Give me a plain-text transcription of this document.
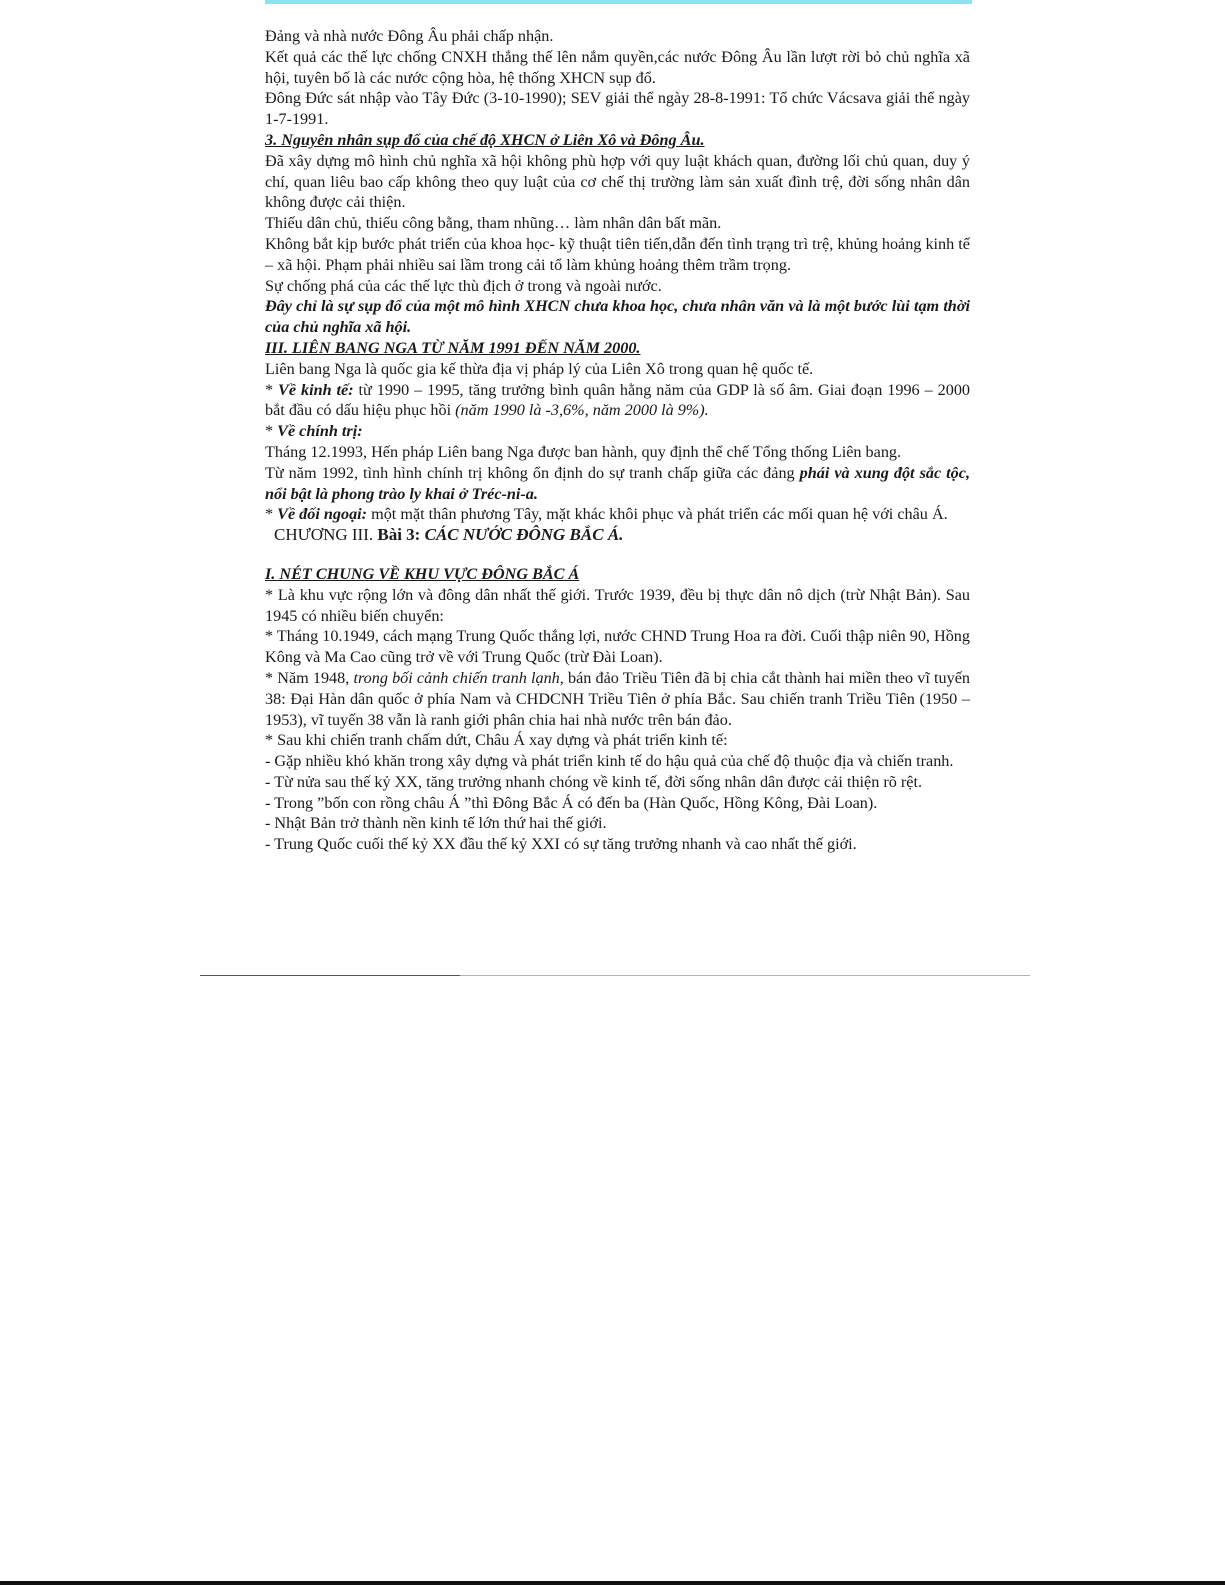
Đảng và nhà nước Đông Âu phải chấp nhận.

Kết quả các thế lực chống CNXH thắng thế lên nắm quyền,các nước Đông Âu lần lượt rời bỏ chủ nghĩa xã hội, tuyên bố là các nước cộng hòa, hệ thống XHCN sụp đổ.

Đông Đức sát nhập vào Tây Đức (3-10-1990); SEV giải thể ngày 28-8-1991: Tổ chức Vácsava giải thể ngày 1-7-1991.

3. Nguyên nhân sụp đổ của chế độ XHCN ở Liên Xô và Đông Âu.

Đã xây dựng mô hình chủ nghĩa xã hội không phù hợp với quy luật khách quan, đường lối chủ quan, duy ý chí, quan liêu bao cấp không theo quy luật của cơ chế thị trường làm sản xuất đình trệ, đời sống nhân dân không được cải thiện.

Thiếu dân chủ, thiếu công bằng, tham nhũng… làm nhân dân bất mãn.

Không bắt kịp bước phát triển của khoa học- kỹ thuật tiên tiến,dẫn đến tình trạng trì trệ, khủng hoảng kinh tế – xã hội. Phạm phải nhiều sai lầm trong cải tổ làm khủng hoảng thêm trầm trọng.

Sự chống phá của các thế lực thù địch ở trong và ngoài nước.

Đây chỉ là sự sụp đổ của một mô hình XHCN chưa khoa học, chưa nhân văn và là một bước lùi tạm thời của chủ nghĩa xã hội.

III. LIÊN BANG NGA TỪ NĂM 1991 ĐẾN NĂM 2000.

Liên bang Nga là quốc gia kế thừa địa vị pháp lý của Liên Xô trong quan hệ quốc tế.

* Về kinh tế: từ 1990 – 1995, tăng trưởng bình quân hằng năm của GDP là số âm. Giai đoạn 1996 – 2000 bắt đầu có dấu hiệu phục hồi (năm 1990 là -3,6%, năm 2000 là 9%).

* Về chính trị:

Tháng 12.1993, Hến pháp Liên bang Nga được ban hành, quy định thể chế Tổng thống Liên bang.

Từ năm 1992, tình hình chính trị không ổn định do sự tranh chấp giữa các đảng phái và xung đột sắc tộc, nổi bật là phong trào ly khai ở Tréc-ni-a.

* Về đối ngoại: một mặt thân phương Tây, mặt khác khôi phục và phát triển các mối quan hệ với châu Á.

CHƯƠNG III. Bài 3: CÁC NƯỚC ĐÔNG BẮC Á.

I. NÉT CHUNG VỀ KHU VỰC ĐÔNG BẮC Á

* Là khu vực rộng lớn và đông dân nhất thế giới. Trước 1939, đều bị thực dân nô dịch (trừ Nhật Bản). Sau 1945 có nhiều biến chuyển:

* Tháng 10.1949, cách mạng Trung Quốc thắng lợi, nước CHND Trung Hoa ra đời. Cuối thập niên 90, Hồng Kông và Ma Cao cũng trở về với Trung Quốc (trừ Đài Loan).

* Năm 1948, trong bối cảnh chiến tranh lạnh, bán đảo Triều Tiên đã bị chia cắt thành hai miền theo vĩ tuyến 38: Đại Hàn dân quốc ở phía Nam và CHDCNH Triều Tiên ở phía Bắc. Sau chiến tranh Triều Tiên (1950 – 1953), vĩ tuyến 38 vẫn là ranh giới phân chia hai nhà nước trên bán đảo.

* Sau khi chiến tranh chấm dứt, Châu Á xay dựng và phát triển kinh tế:

- Gặp nhiều khó khăn trong xây dựng và phát triển kinh tế do hậu quả của chế độ thuộc địa và chiến tranh.

- Từ nửa sau thế kỷ XX, tăng trưởng nhanh chóng về kinh tế, đời sống nhân dân được cải thiện rõ rệt.

- Trong ”bốn con rồng châu Á ”thì Đông Bắc Á có đến ba (Hàn Quốc, Hồng Kông, Đài Loan).

- Nhật Bản trở thành nền kinh tế lớn thứ hai thế giới.

- Trung Quốc cuối thế kỷ XX đầu thế kỷ XXI có sự tăng trưởng nhanh và cao nhất thế giới.
